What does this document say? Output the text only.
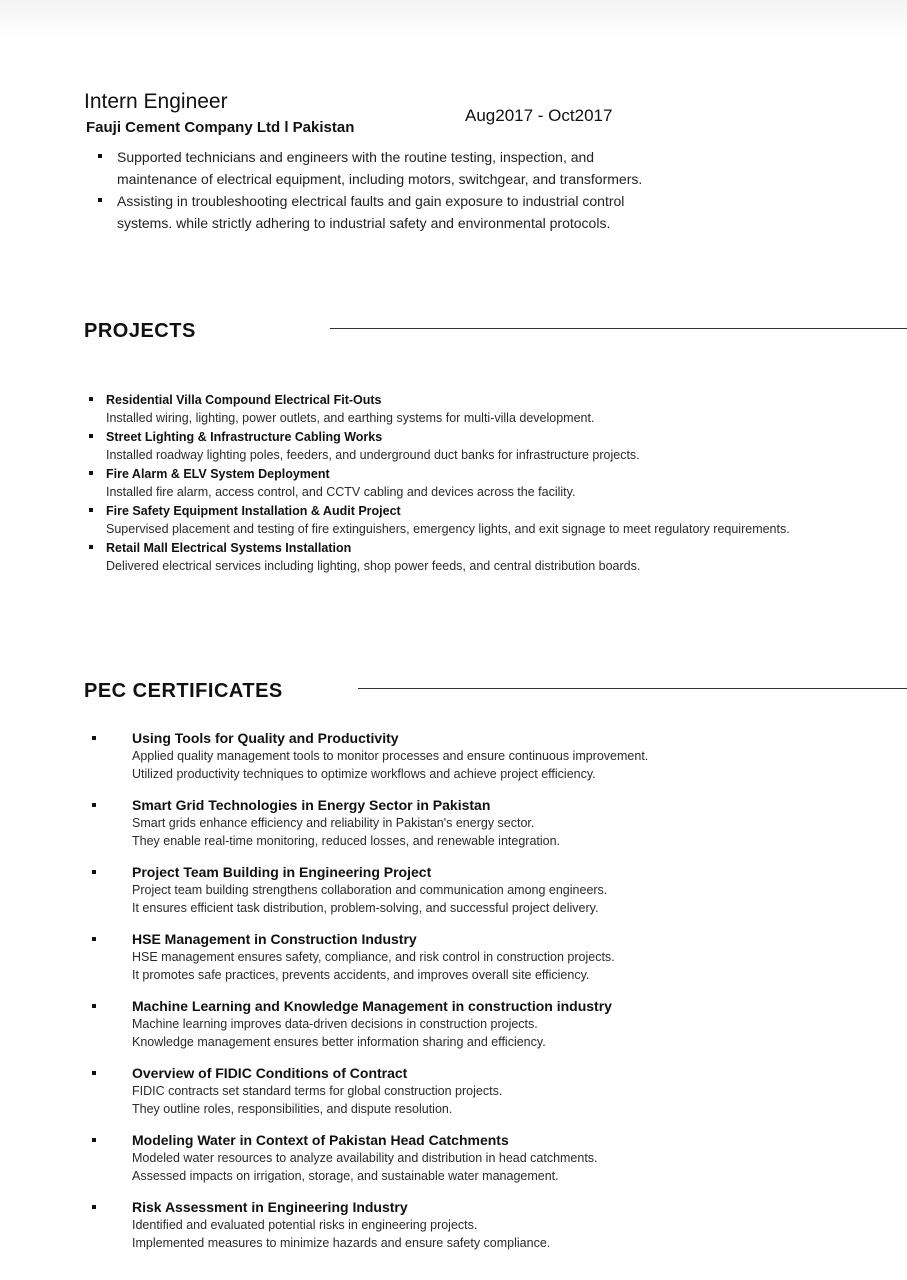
Intern Engineer
Fauji Cement Company Ltd l Pakistan
Aug2017 - Oct2017
Supported technicians and engineers with the routine testing, inspection, and maintenance of electrical equipment, including motors, switchgear, and transformers.
Assisting in troubleshooting electrical faults and gain exposure to industrial control systems. while strictly adhering to industrial safety and environmental protocols.
PROJECTS
Residential Villa Compound Electrical Fit-Outs
Installed wiring, lighting, power outlets, and earthing systems for multi-villa development.
Street Lighting & Infrastructure Cabling Works
Installed roadway lighting poles, feeders, and underground duct banks for infrastructure projects.
Fire Alarm & ELV System Deployment
Installed fire alarm, access control, and CCTV cabling and devices across the facility.
Fire Safety Equipment Installation & Audit Project
Supervised placement and testing of fire extinguishers, emergency lights, and exit signage to meet regulatory requirements.
Retail Mall Electrical Systems Installation
Delivered electrical services including lighting, shop power feeds, and central distribution boards.
PEC CERTIFICATES
Using Tools for Quality and Productivity
Applied quality management tools to monitor processes and ensure continuous improvement.
Utilized productivity techniques to optimize workflows and achieve project efficiency.
Smart Grid Technologies in Energy Sector in Pakistan
Smart grids enhance efficiency and reliability in Pakistan's energy sector.
They enable real-time monitoring, reduced losses, and renewable integration.
Project Team Building in Engineering Project
Project team building strengthens collaboration and communication among engineers.
It ensures efficient task distribution, problem-solving, and successful project delivery.
HSE Management in Construction Industry
HSE management ensures safety, compliance, and risk control in construction projects.
It promotes safe practices, prevents accidents, and improves overall site efficiency.
Machine Learning and Knowledge Management in construction industry
Machine learning improves data-driven decisions in construction projects.
Knowledge management ensures better information sharing and efficiency.
Overview of FIDIC Conditions of Contract
FIDIC contracts set standard terms for global construction projects.
They outline roles, responsibilities, and dispute resolution.
Modeling Water in Context of Pakistan Head Catchments
Modeled water resources to analyze availability and distribution in head catchments.
Assessed impacts on irrigation, storage, and sustainable water management.
Risk Assessment in Engineering Industry
Identified and evaluated potential risks in engineering projects.
Implemented measures to minimize hazards and ensure safety compliance.
